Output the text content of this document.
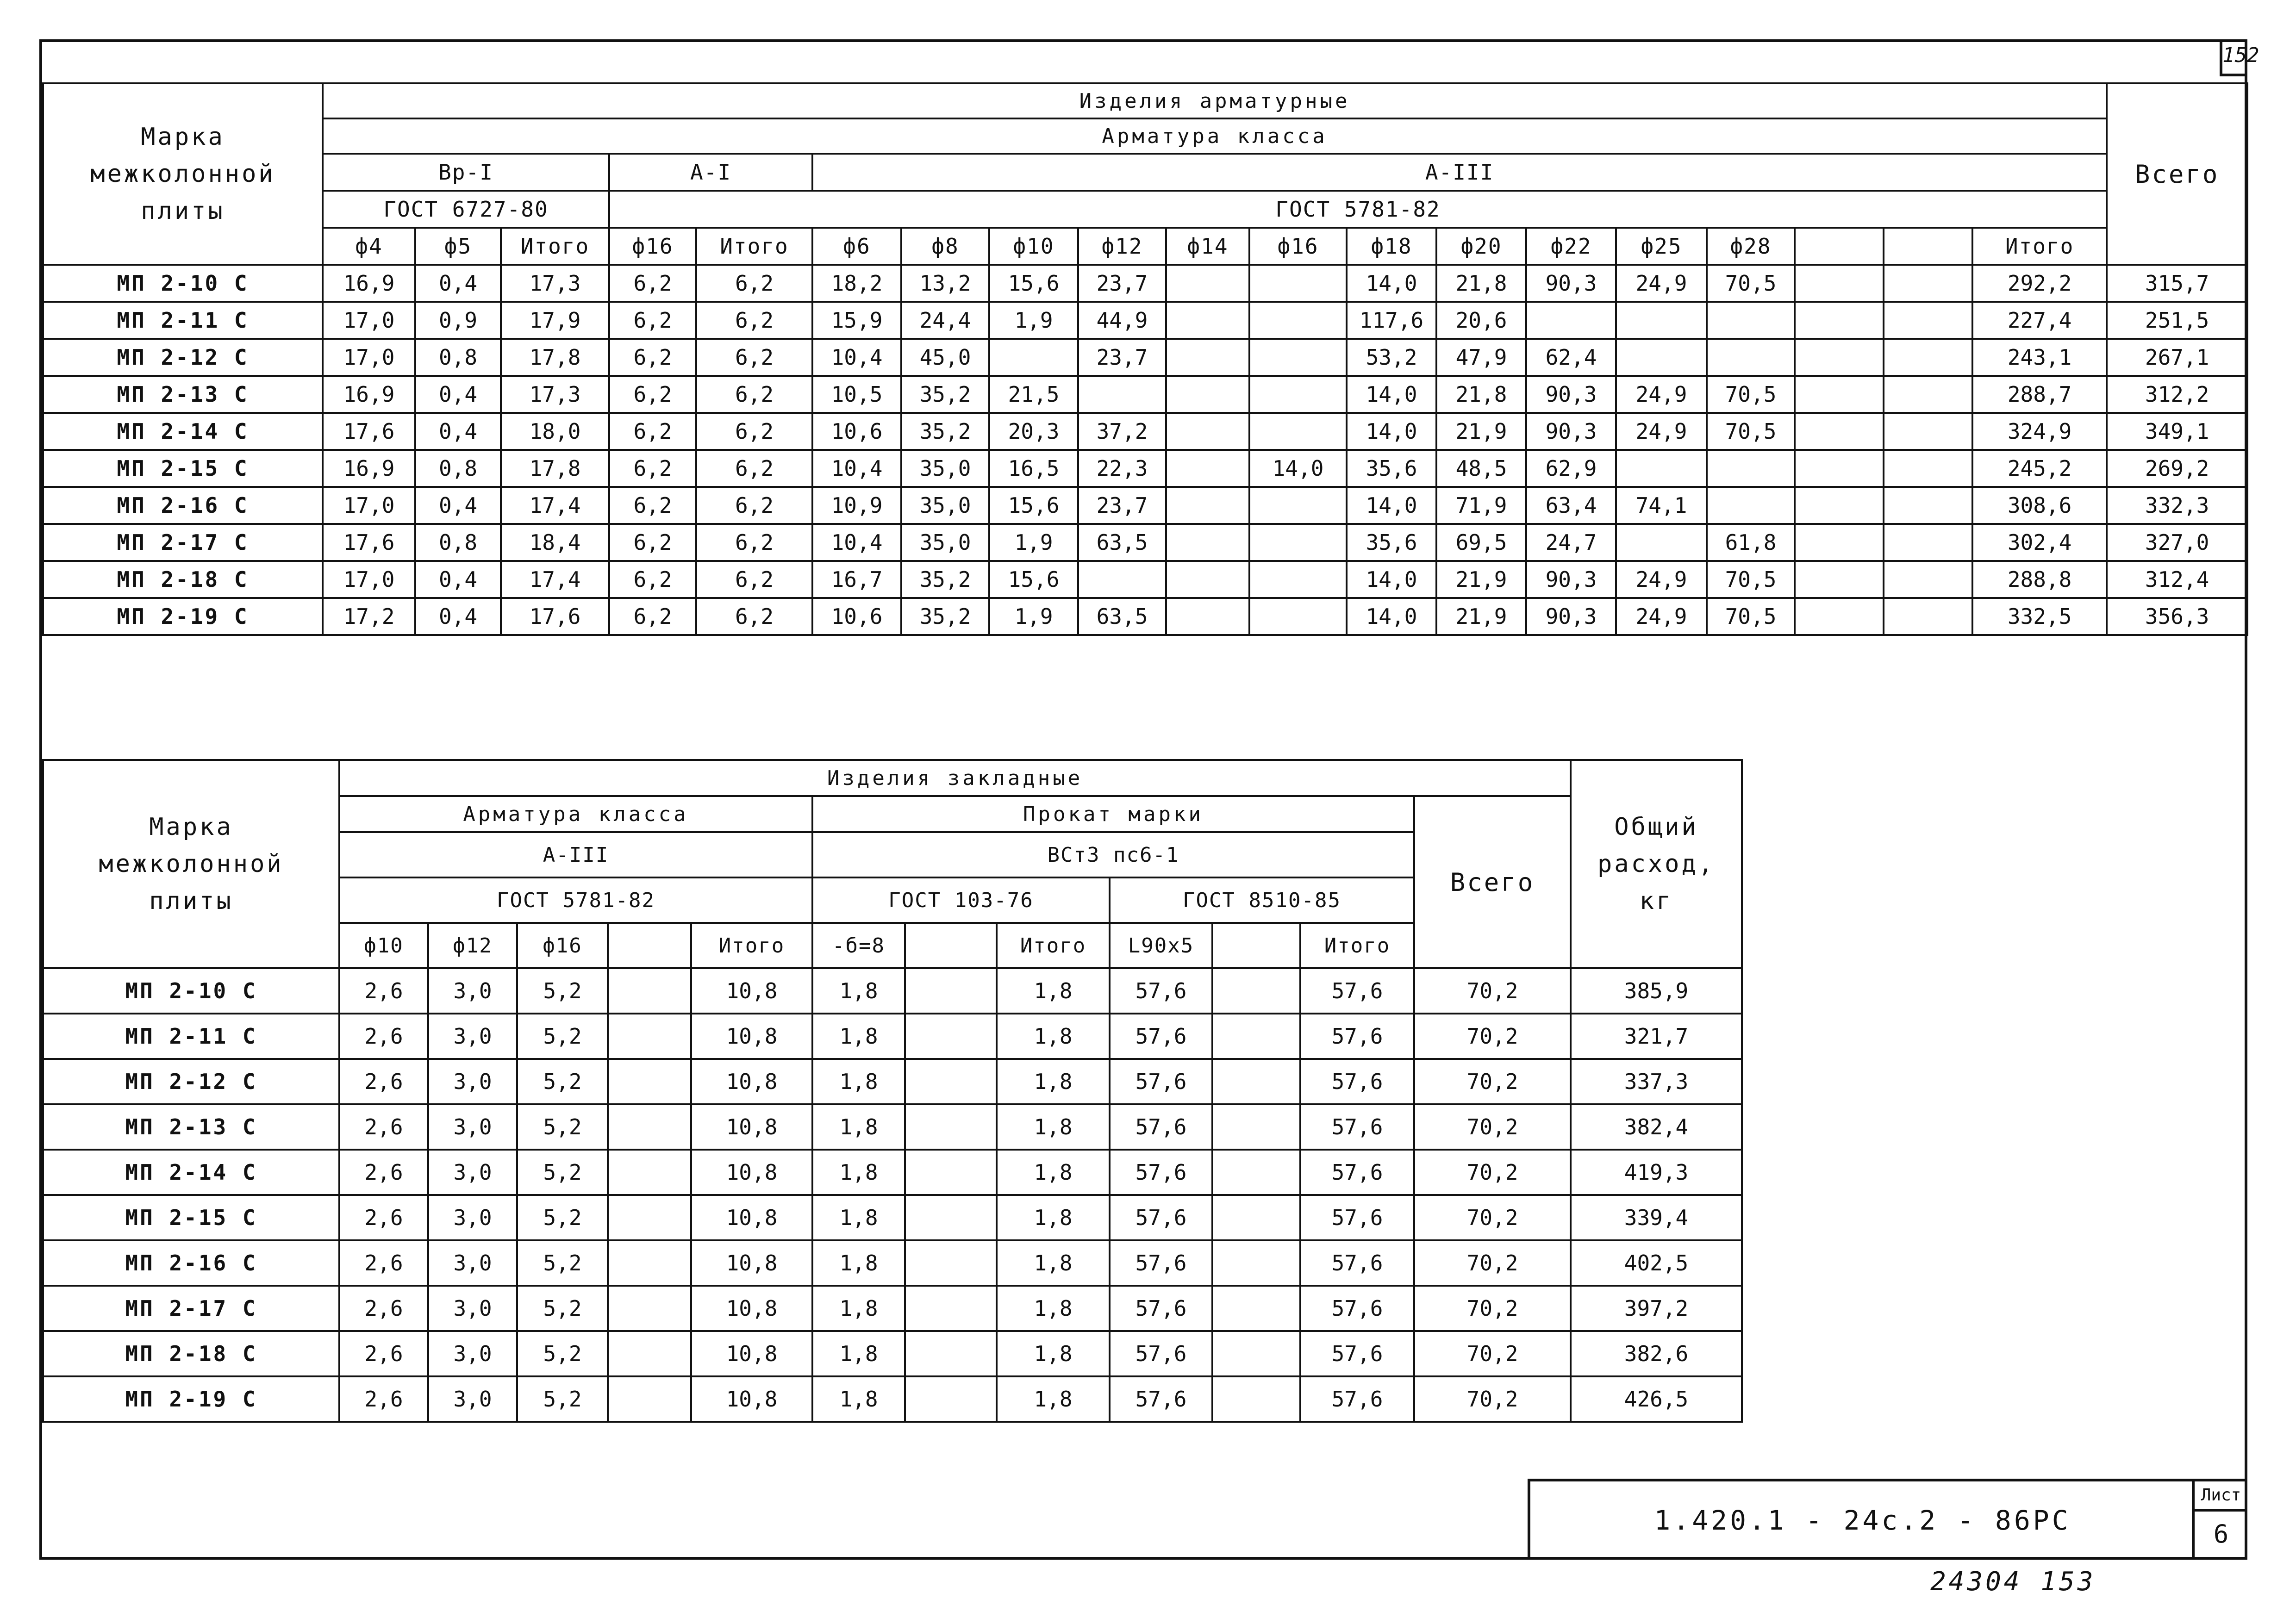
152
Марка
межколонной
плиты	Изделия арматурные																			Всего
	Арматура класса																			
	Вр-I			А-I		А-III														
	ГОСТ 6727-80			ГОСТ 5781-82																
	ф4	ф5	Итого	ф16	Итого	ф6	ф8	ф10	ф12	ф14	ф16	ф18	ф20	ф22	ф25	ф28			Итого	
МП 2-10 С	16,9	0,4	17,3	6,2	6,2	18,2	13,2	15,6	23,7			14,0	21,8	90,3	24,9	70,5			292,2	315,7
МП 2-11 С	17,0	0,9	17,9	6,2	6,2	15,9	24,4	1,9	44,9			117,6	20,6						227,4	251,5
МП 2-12 С	17,0	0,8	17,8	6,2	6,2	10,4	45,0		23,7			53,2	47,9	62,4					243,1	267,1
МП 2-13 С	16,9	0,4	17,3	6,2	6,2	10,5	35,2	21,5				14,0	21,8	90,3	24,9	70,5			288,7	312,2
МП 2-14 С	17,6	0,4	18,0	6,2	6,2	10,6	35,2	20,3	37,2			14,0	21,9	90,3	24,9	70,5			324,9	349,1
МП 2-15 С	16,9	0,8	17,8	6,2	6,2	10,4	35,0	16,5	22,3		14,0	35,6	48,5	62,9					245,2	269,2
МП 2-16 С	17,0	0,4	17,4	6,2	6,2	10,9	35,0	15,6	23,7			14,0	71,9	63,4	74,1				308,6	332,3
МП 2-17 С	17,6	0,8	18,4	6,2	6,2	10,4	35,0	1,9	63,5			35,6	69,5	24,7		61,8			302,4	327,0
МП 2-18 С	17,0	0,4	17,4	6,2	6,2	16,7	35,2	15,6				14,0	21,9	90,3	24,9	70,5			288,8	312,4
МП 2-19 С	17,2	0,4	17,6	6,2	6,2	10,6	35,2	1,9	63,5			14,0	21,9	90,3	24,9	70,5			332,5	356,3
Марка
межколонной
плиты	Изделия закладные												Общий
расход,
кг
	Арматура класса					Прокат марки						Всего	
	А-III					ВСт3 пс6-1							
	ГОСТ 5781-82					ГОСТ 103-76			ГОСТ 8510-85				
	ф10	ф12	ф16		Итого	-б=8		Итого	L90х5		Итого		
МП 2-10 С	2,6	3,0	5,2		10,8	1,8		1,8	57,6		57,6	70,2	385,9
МП 2-11 С	2,6	3,0	5,2		10,8	1,8		1,8	57,6		57,6	70,2	321,7
МП 2-12 С	2,6	3,0	5,2		10,8	1,8		1,8	57,6		57,6	70,2	337,3
МП 2-13 С	2,6	3,0	5,2		10,8	1,8		1,8	57,6		57,6	70,2	382,4
МП 2-14 С	2,6	3,0	5,2		10,8	1,8		1,8	57,6		57,6	70,2	419,3
МП 2-15 С	2,6	3,0	5,2		10,8	1,8		1,8	57,6		57,6	70,2	339,4
МП 2-16 С	2,6	3,0	5,2		10,8	1,8		1,8	57,6		57,6	70,2	402,5
МП 2-17 С	2,6	3,0	5,2		10,8	1,8		1,8	57,6		57,6	70,2	397,2
МП 2-18 С	2,6	3,0	5,2		10,8	1,8		1,8	57,6		57,6	70,2	382,6
МП 2-19 С	2,6	3,0	5,2		10,8	1,8		1,8	57,6		57,6	70,2	426,5
1.420.1 - 24с.2 - 86РС
Лист
6
24304 153
